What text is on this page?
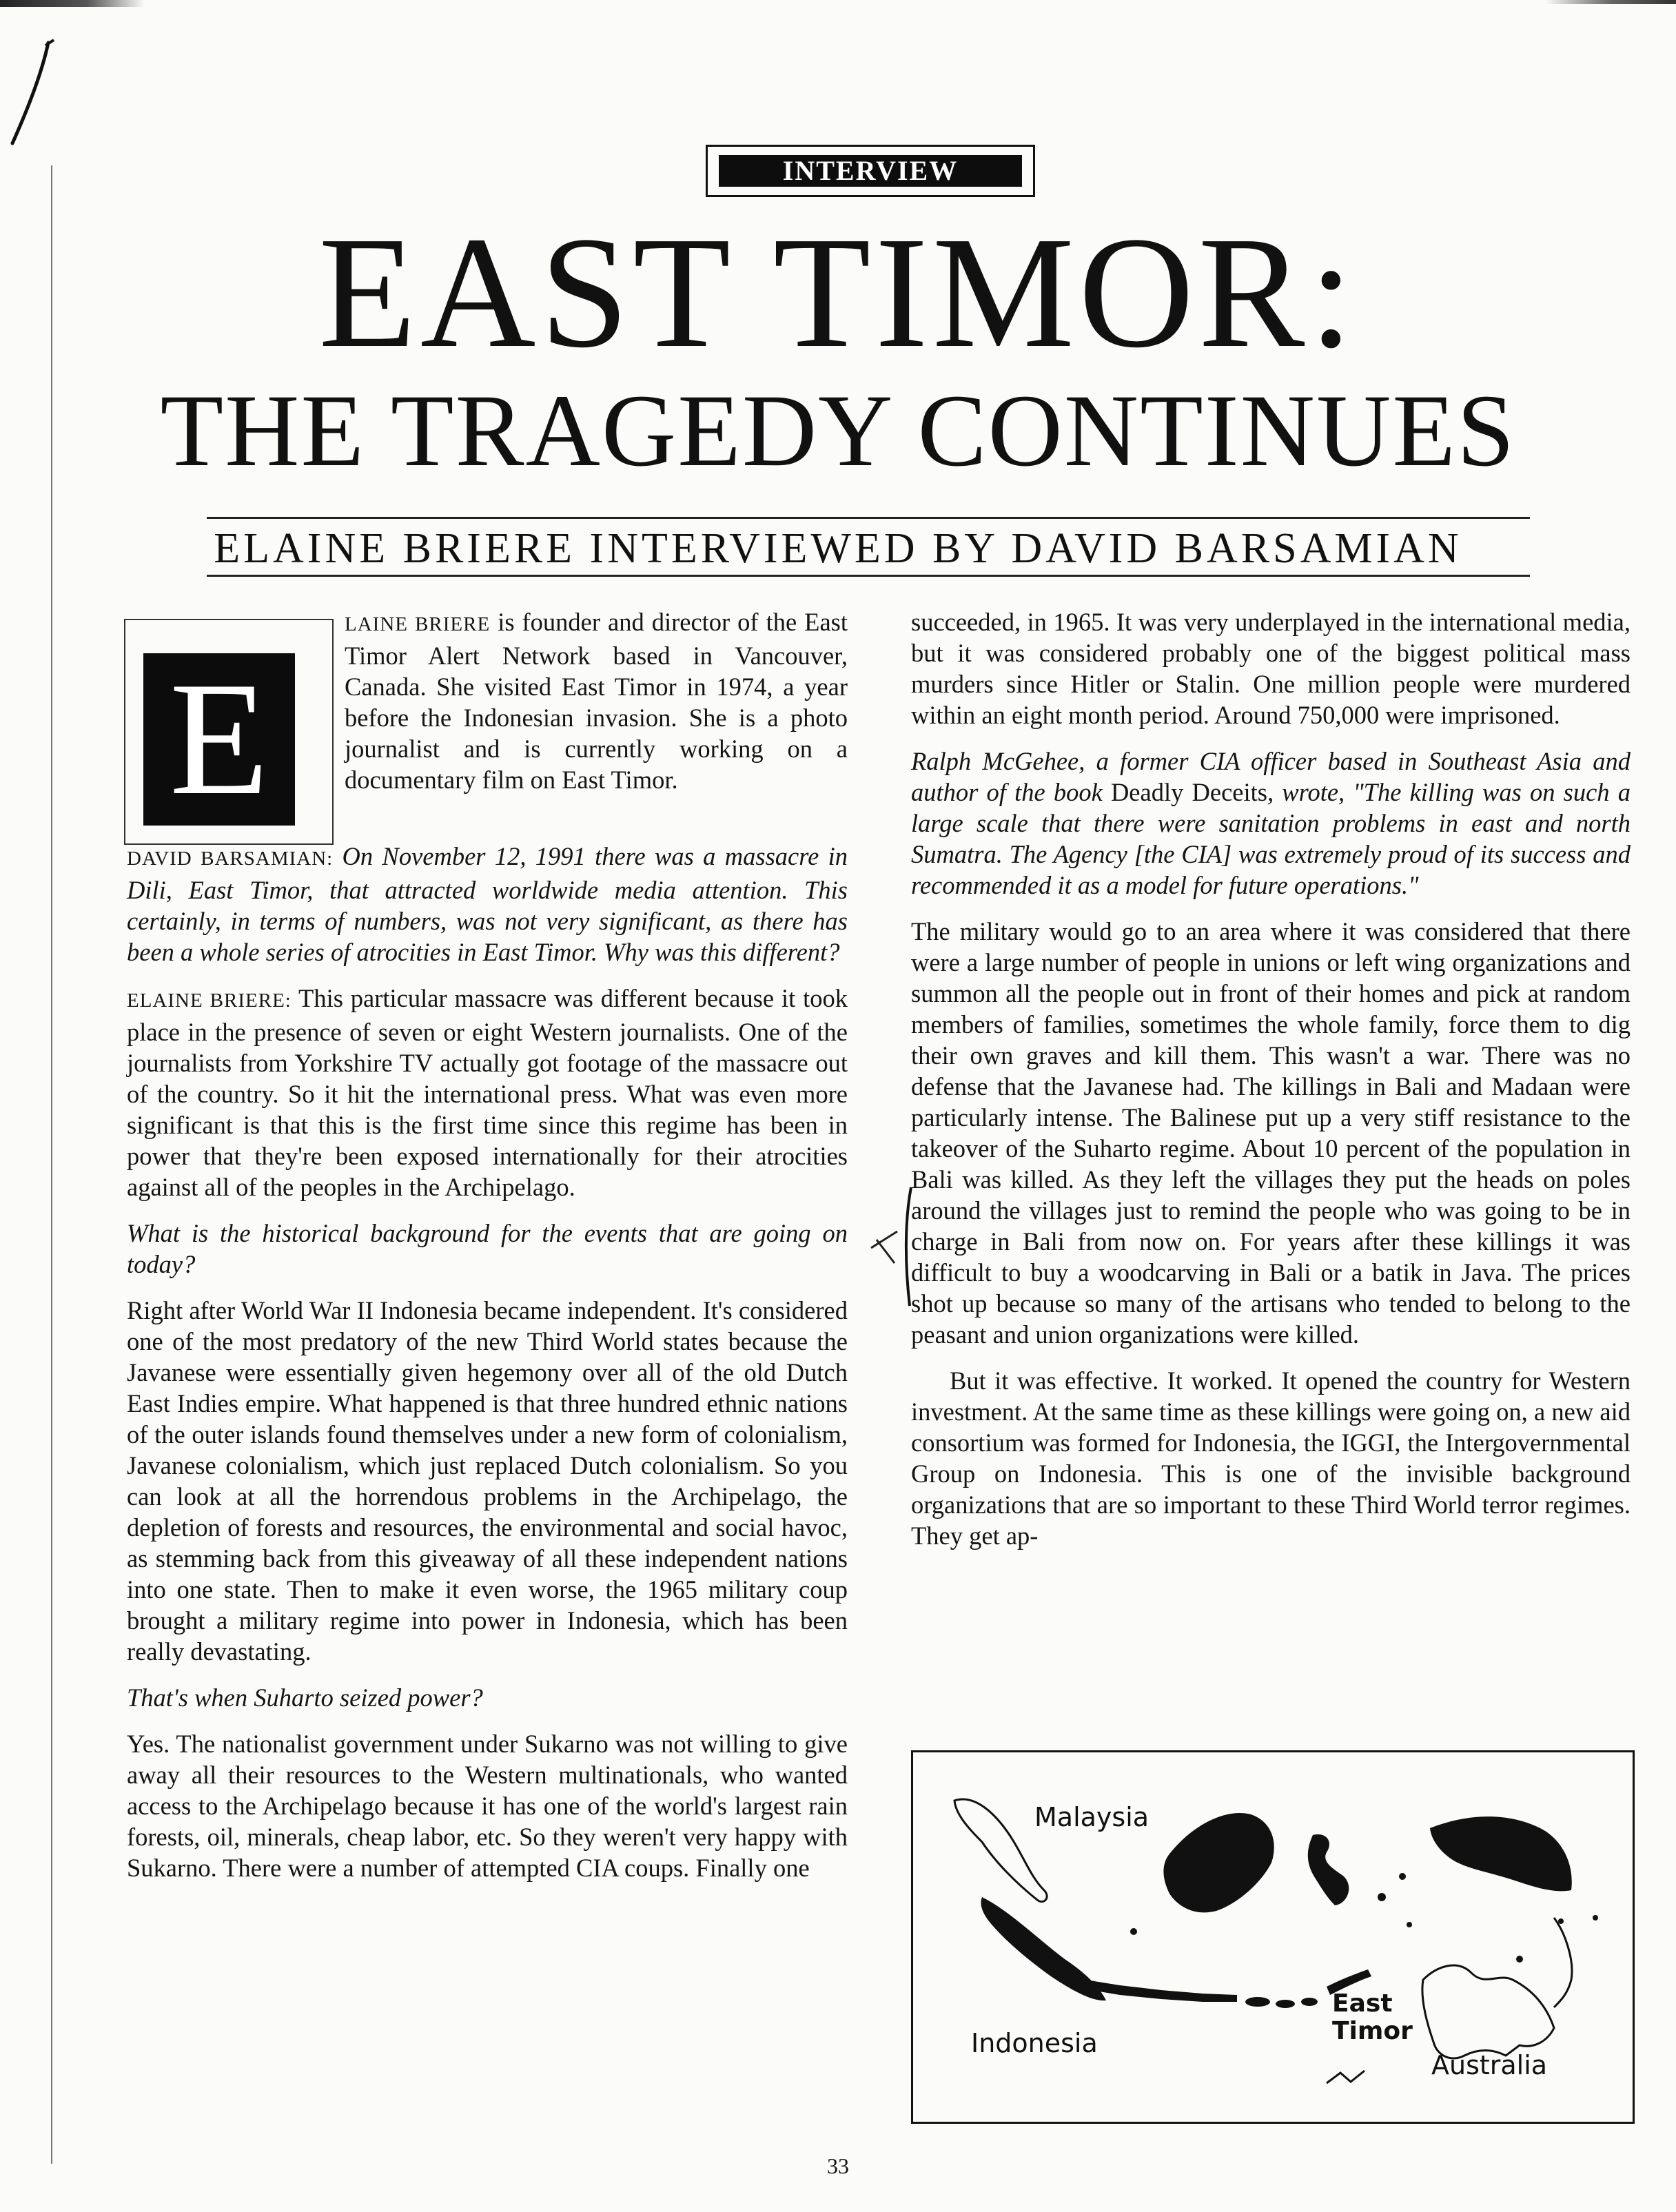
INTERVIEW
EAST TIMOR:
THE TRAGEDY CONTINUES
ELAINE BRIERE INTERVIEWED BY DAVID BARSAMIAN
E

LAINE BRIERE is founder and director of the East Timor Alert Network based in Vancouver, Canada. She visited East Timor in 1974, a year before the Indonesian invasion. She is a photo journalist and is currently working on a documentary film on East Timor.

DAVID BARSAMIAN: On November 12, 1991 there was a massacre in Dili, East Timor, that attracted worldwide media attention. This certainly, in terms of numbers, was not very significant, as there has been a whole series of atrocities in East Timor. Why was this different?

ELAINE BRIERE: This particular massacre was different because it took place in the presence of seven or eight Western journalists. One of the journalists from Yorkshire TV actually got footage of the massacre out of the country. So it hit the international press. What was even more significant is that this is the first time since this regime has been in power that they're been exposed internationally for their atrocities against all of the peoples in the Archipelago.

What is the historical background for the events that are going on today?

Right after World War II Indonesia became independent. It's considered one of the most predatory of the new Third World states because the Javanese were essentially given hegemony over all of the old Dutch East Indies empire. What happened is that three hundred ethnic nations of the outer islands found themselves under a new form of colonialism, Javanese colonialism, which just replaced Dutch colonialism. So you can look at all the horrendous problems in the Archipelago, the depletion of forests and resources, the environmental and social havoc, as stemming back from this giveaway of all these independent nations into one state. Then to make it even worse, the 1965 military coup brought a military regime into power in Indonesia, which has been really devastating.

That's when Suharto seized power?

Yes. The nationalist government under Sukarno was not willing to give away all their resources to the Western multinationals, who wanted access to the Archipelago because it has one of the world's largest rain forests, oil, minerals, cheap labor, etc. So they weren't very happy with Sukarno. There were a number of attempted CIA coups. Finally one

succeeded, in 1965. It was very underplayed in the international media, but it was considered probably one of the biggest political mass murders since Hitler or Stalin. One million people were murdered within an eight month period. Around 750,000 were imprisoned.

Ralph McGehee, a former CIA officer based in Southeast Asia and author of the book Deadly Deceits, wrote, "The killing was on such a large scale that there were sanitation problems in east and north Sumatra. The Agency [the CIA] was extremely proud of its success and recommended it as a model for future operations."

The military would go to an area where it was considered that there were a large number of people in unions or left wing organizations and summon all the people out in front of their homes and pick at random members of families, sometimes the whole family, force them to dig their own graves and kill them. This wasn't a war. There was no defense that the Javanese had. The killings in Bali and Madaan were particularly intense. The Balinese put up a very stiff resistance to the takeover of the Suharto regime. About 10 percent of the population in Bali was killed. As they left the villages they put the heads on poles around the villages just to remind the people who was going to be in charge in Bali from now on. For years after these killings it was difficult to buy a woodcarving in Bali or a batik in Java. The prices shot up because so many of the artisans who tended to belong to the peasant and union organizations were killed.

But it was effective. It worked. It opened the country for Western investment. At the same time as these killings were going on, a new aid consortium was formed for Indonesia, the IGGI, the Intergovernmental Group on Indonesia. This is one of the invisible background organizations that are so important to these Third World terror regimes. They get ap-

Malaysia
Indonesia
East Timor
Australia
33
